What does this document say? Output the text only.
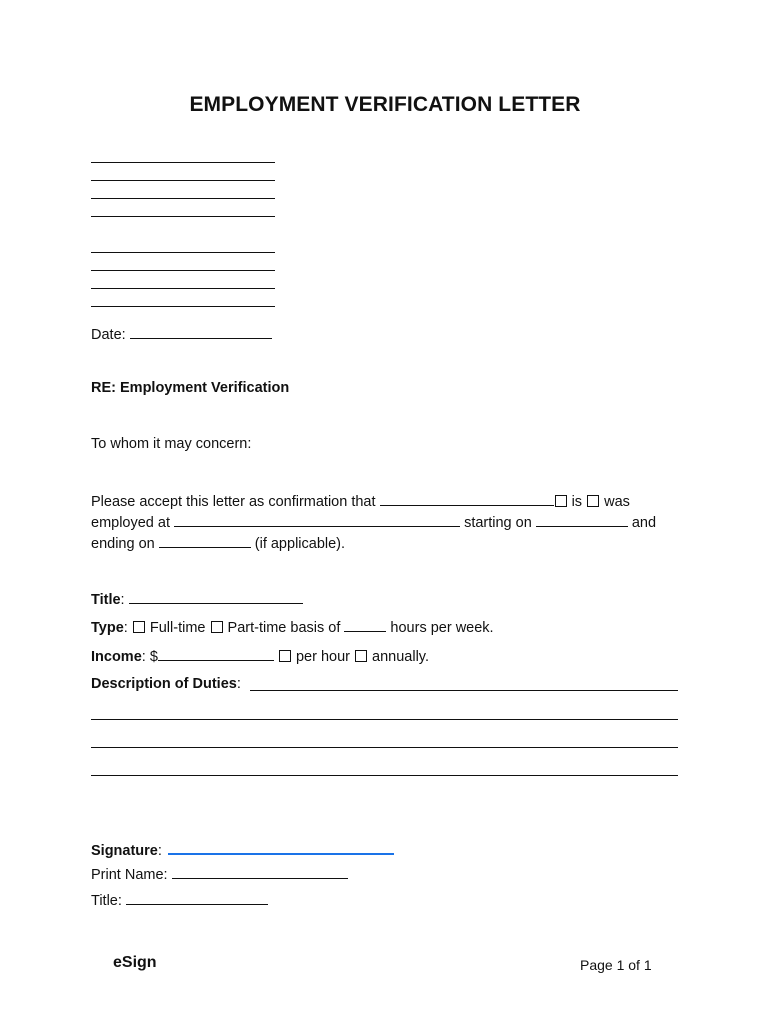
EMPLOYMENT VERIFICATION LETTER
Date:
RE: Employment Verification
To whom it may concern:
Please accept this letter as confirmation that	is was
employed at	starting on	and
ending on	(if applicable).
Title:
Type: Full-time Part-time basis of	hours per week.
Income: $	per hour annually.
Description of Duties:
Signature:
Print Name:
Title:
eSign	Page 1 of 1
